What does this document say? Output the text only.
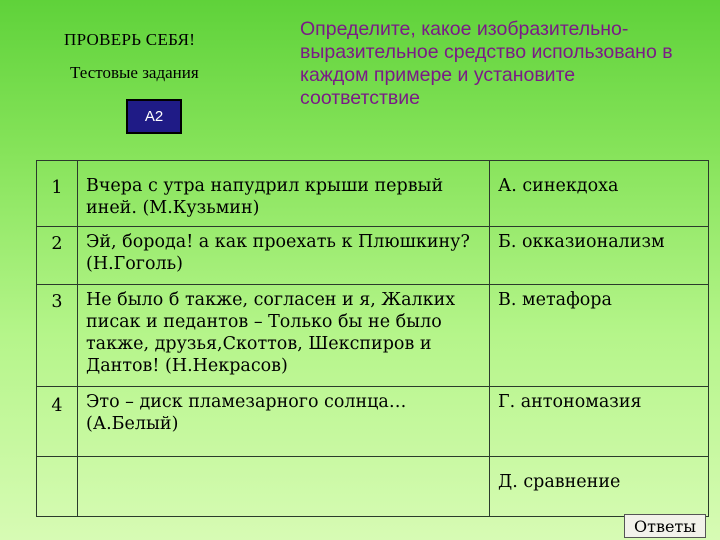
ПРОВЕРЬ СЕБЯ!
Тестовые задания
А2
Определите, какое изобразительно-выразительное средство использовано в каждом примере и установите соответствие
1	Вчера с утра напудрил крыши первый иней. (М.Кузьмин)	А. синекдоха
2	Эй, борода! а как проехать к Плюшкину? (Н.Гоголь)	Б. окказионализм
3	Не было б также, согласен и я, Жалких писак и педантов – Только бы не было также, друзья,Скоттов, Шекспиров и Дантов! (Н.Некрасов)	В. метафора
4	Это – диск пламезарного солнца… (А.Белый)	Г. антономазия
		Д. сравнение
Ответы
